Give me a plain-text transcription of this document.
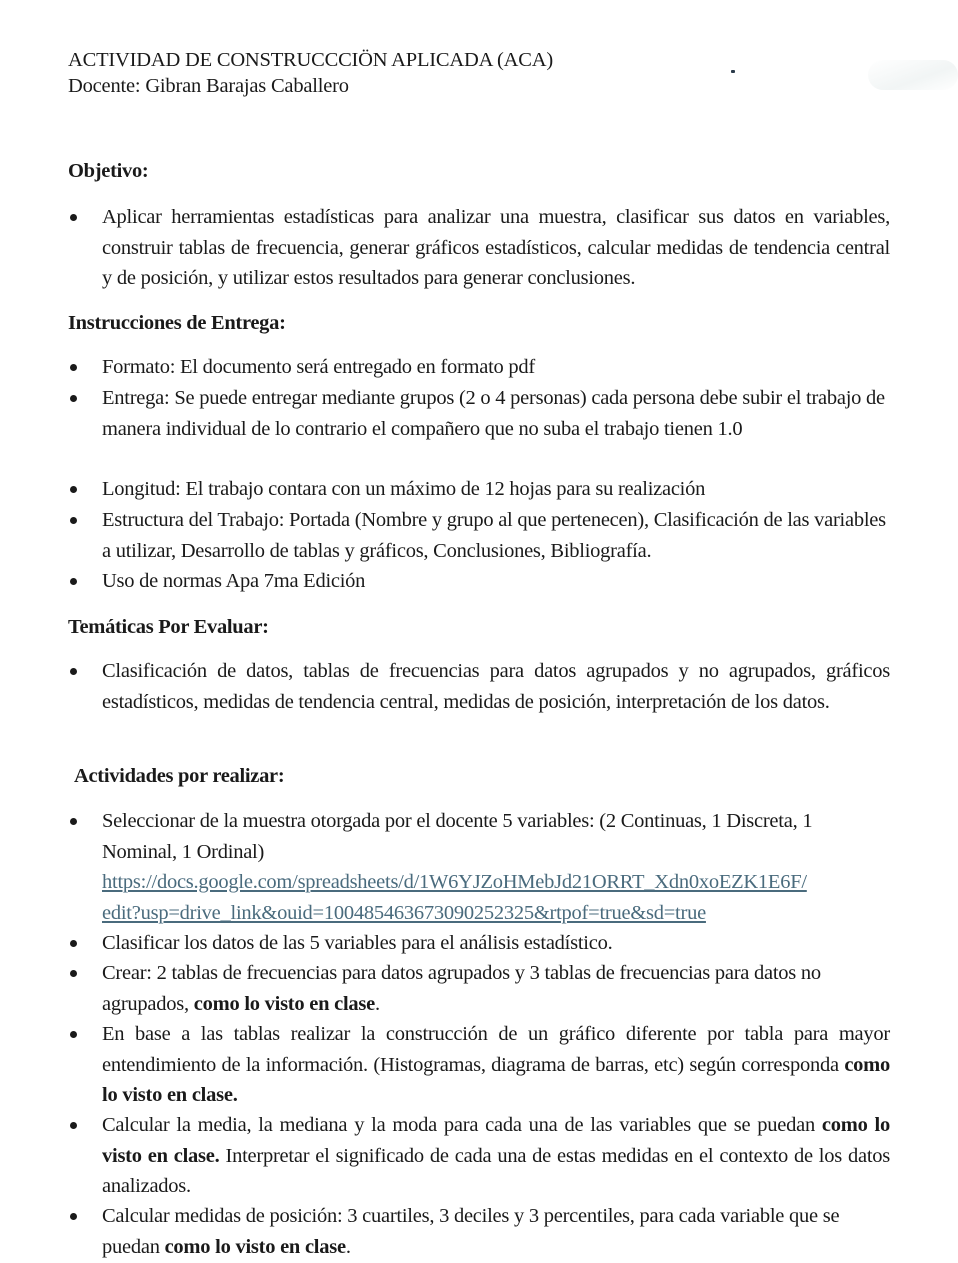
ACTIVIDAD DE CONSTRUCCCIÖN APLICADA (ACA)
Docente: Gibran Barajas Caballero
Objetivo:
Aplicar herramientas estadísticas para analizar una muestra, clasificar sus datos en variables, construir tablas de frecuencia, generar gráficos estadísticos, calcular medidas de tendencia central y de posición, y utilizar estos resultados para generar conclusiones.
Instrucciones de Entrega:
Formato: El documento será entregado en formato pdf
Entrega: Se puede entregar mediante grupos (2 o 4 personas) cada persona debe subir el trabajo de manera individual de lo contrario el compañero que no suba el trabajo tienen 1.0
Longitud: El trabajo contara con un máximo de 12 hojas para su realización
Estructura del Trabajo: Portada (Nombre y grupo al que pertenecen), Clasificación de las variables a utilizar, Desarrollo de tablas y gráficos, Conclusiones, Bibliografía.
Uso de normas Apa 7ma Edición
Temáticas Por Evaluar:
Clasificación de datos, tablas de frecuencias para datos agrupados y no agrupados, gráficos estadísticos, medidas de tendencia central, medidas de posición, interpretación de los datos.
Actividades por realizar:
Seleccionar de la muestra otorgada por el docente 5 variables: (2 Continuas, 1 Discreta, 1 Nominal, 1 Ordinal)
https://docs.google.com/spreadsheets/d/1W6YJZoHMebJd21ORRT_Xdn0xoEZK1E6F/
edit?usp=drive_link&ouid=100485463673090252325&rtpof=true&sd=true
Clasificar los datos de las 5 variables para el análisis estadístico.
Crear: 2 tablas de frecuencias para datos agrupados y 3 tablas de frecuencias para datos no agrupados, como lo visto en clase.
En base a las tablas realizar la construcción de un gráfico diferente por tabla para mayor entendimiento de la información. (Histogramas, diagrama de barras, etc) según corresponda como lo visto en clase.
Calcular la media, la mediana y la moda para cada una de las variables que se puedan como lo visto en clase. Interpretar el significado de cada una de estas medidas en el contexto de los datos analizados.
Calcular medidas de posición: 3 cuartiles, 3 deciles y 3 percentiles, para cada variable que se puedan como lo visto en clase.
